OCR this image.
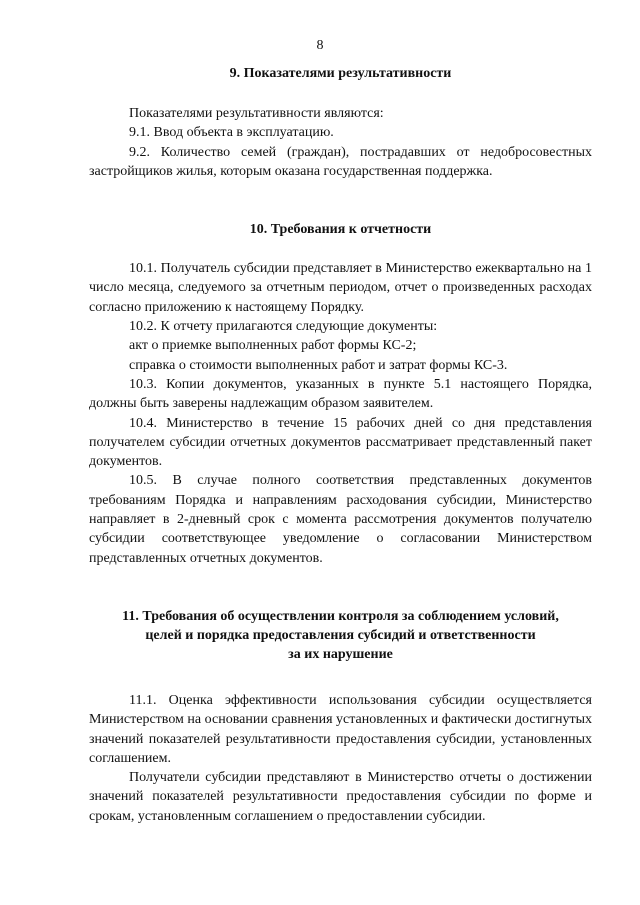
8

9. Показателями результативности

Показателями результативности являются:

9.1. Ввод объекта в эксплуатацию.

9.2. Количество семей (граждан), пострадавших от недобросовестных застройщиков жилья, которым оказана государственная поддержка.

10. Требования к отчетности

10.1. Получатель субсидии представляет в Министерство ежеквартально на 1 число месяца, следуемого за отчетным периодом, отчет о произведенных расходах согласно приложению к настоящему Порядку.

10.2. К отчету прилагаются следующие документы:

акт о приемке выполненных работ формы КС-2;

справка о стоимости выполненных работ и затрат формы КС-3.

10.3. Копии документов, указанных в пункте 5.1 настоящего Порядка, должны быть заверены надлежащим образом заявителем.

10.4. Министерство в течение 15 рабочих дней со дня представления получателем субсидии отчетных документов рассматривает представленный пакет документов.

10.5. В случае полного соответствия представленных документов требованиям Порядка и направлениям расходования субсидии, Министерство направляет в 2-дневный срок с момента рассмотрения документов получателю субсидии соответствующее уведомление о согласовании Министерством представленных отчетных документов.

11. Требования об осуществлении контроля за соблюдением условий,
целей и порядка предоставления субсидий и ответственности
за их нарушение

11.1. Оценка эффективности использования субсидии осуществляется Министерством на основании сравнения установленных и фактически достигнутых значений показателей результативности предоставления субсидии, установленных соглашением.

Получатели субсидии представляют в Министерство отчеты о достижении значений показателей результативности предоставления субсидии по форме и срокам, установленным соглашением о предоставлении субсидии.
